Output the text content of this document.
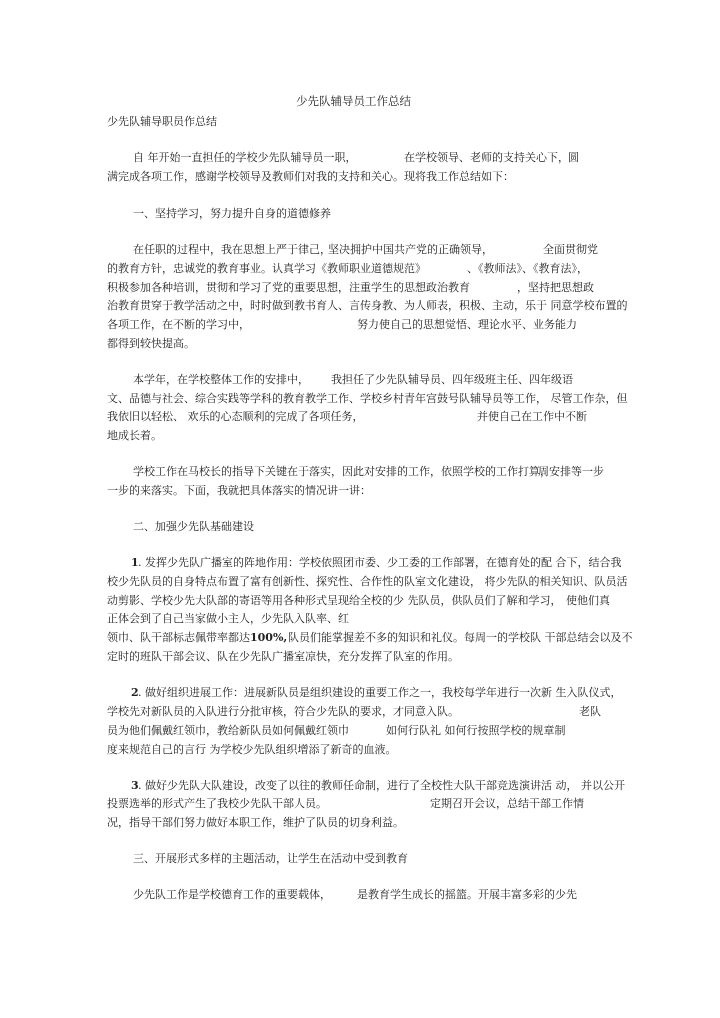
少先队辅导员工作总结

少先队辅导职员作总结

自 年开始一直担任的学校少先队辅导员一职，	在学校领导、老师的支持关心下， 圆

满完成各项工作，感谢学校领导及教师们对我的支持和关心。现将我工作总结如下：

一、坚持学习，努力提升自身的道德修养

在任职的过程中，我在思想上严于律己，

坚决拥护中国共产党的正确领导，	全面贯彻党

的教育方针，忠诚党的教育事业。认真学习《教师职业道德规范》	、《教师法》、《教育法》，

积极参加各种培训，贯彻和学习了党的重要思想，注重学生的思想政治教育	，坚持把思想政

治教育贯穿于教学活动之中，时时做到教书育人、言传身教、为人师表，积极、主动，乐于 同意学校布置的

各项工作，在不断的学习中，	努力使自己的思想觉悟、理论水平、业务能力

都得到较快提高。

本学年，在学校整体工作的安排中， 我担任了少先队辅导员、四年级班主任、四年级语

文、品德与社会、综合实践等学科的教育教学工作、学校乡村青年宫鼓号队辅导员等工作， 尽管工作杂，但

我依旧以轻松、 欢乐的心态顺利的完成了各项任务，	并使自己在工作中不断

地成长着。

学校工作在马校长的指导下关键在于落实，因此对安排的工作，依照学校的工作打算，

周安排等一步

一步的来落实。下面，我就把具体落实的情况讲一讲：

二、加强少先队基础建设

1 . 发挥少先队广播室的阵地作用：学校依照团市委、少工委的工作部署，在德育处的配 合下，结合我

校少先队员的自身特点布置了富有创新性、探究性、合作性的队室文化建设， 将少先队的相关知识、队员活

动剪影、学校少先大队部的寄语等用各种形式呈现给全校的少 先队员，供队员们了解和学习， 使他们真

正体会到了自己当家做小主人，少先队入队率、红

领巾、队干部标志佩带率都达 100%, 队员们能掌握差不多的知识和礼仪。每周一的学校队 干部总结会以及不

定时的班队干部会议、队在少先队广播室凉快，充分发挥了队室的作用。

2 . 做好组织进展工作：进展新队员是组织建设的重要工作之一，我校每学年进行一次新 生入队仪式，

学校先对新队员的入队进行分批审核，符合少先队的要求，才同意入队。	老队

员为他们佩戴红领巾，教给新队员如何佩戴红领巾	如何行队礼 如何行按照学校的规章制

度来规范自己的言行 为学校少先队组织增添了新奇的血液。

3 . 做好少先队大队建设，改变了以往的教师任命制，进行了全校性大队干部竞选演讲活 动， 并以公开

投票选举的形式产生了我校少先队干部人员。	定期召开会议，总结干部工作情

况，指导干部们努力做好本职工作，维护了队员的切身利益。

三、开展形式多样的主题活动，让学生在活动中受到教育

少先队工作是学校德育工作的重要载体， 是教育学生成长的摇篮。开展丰富多彩的少先
